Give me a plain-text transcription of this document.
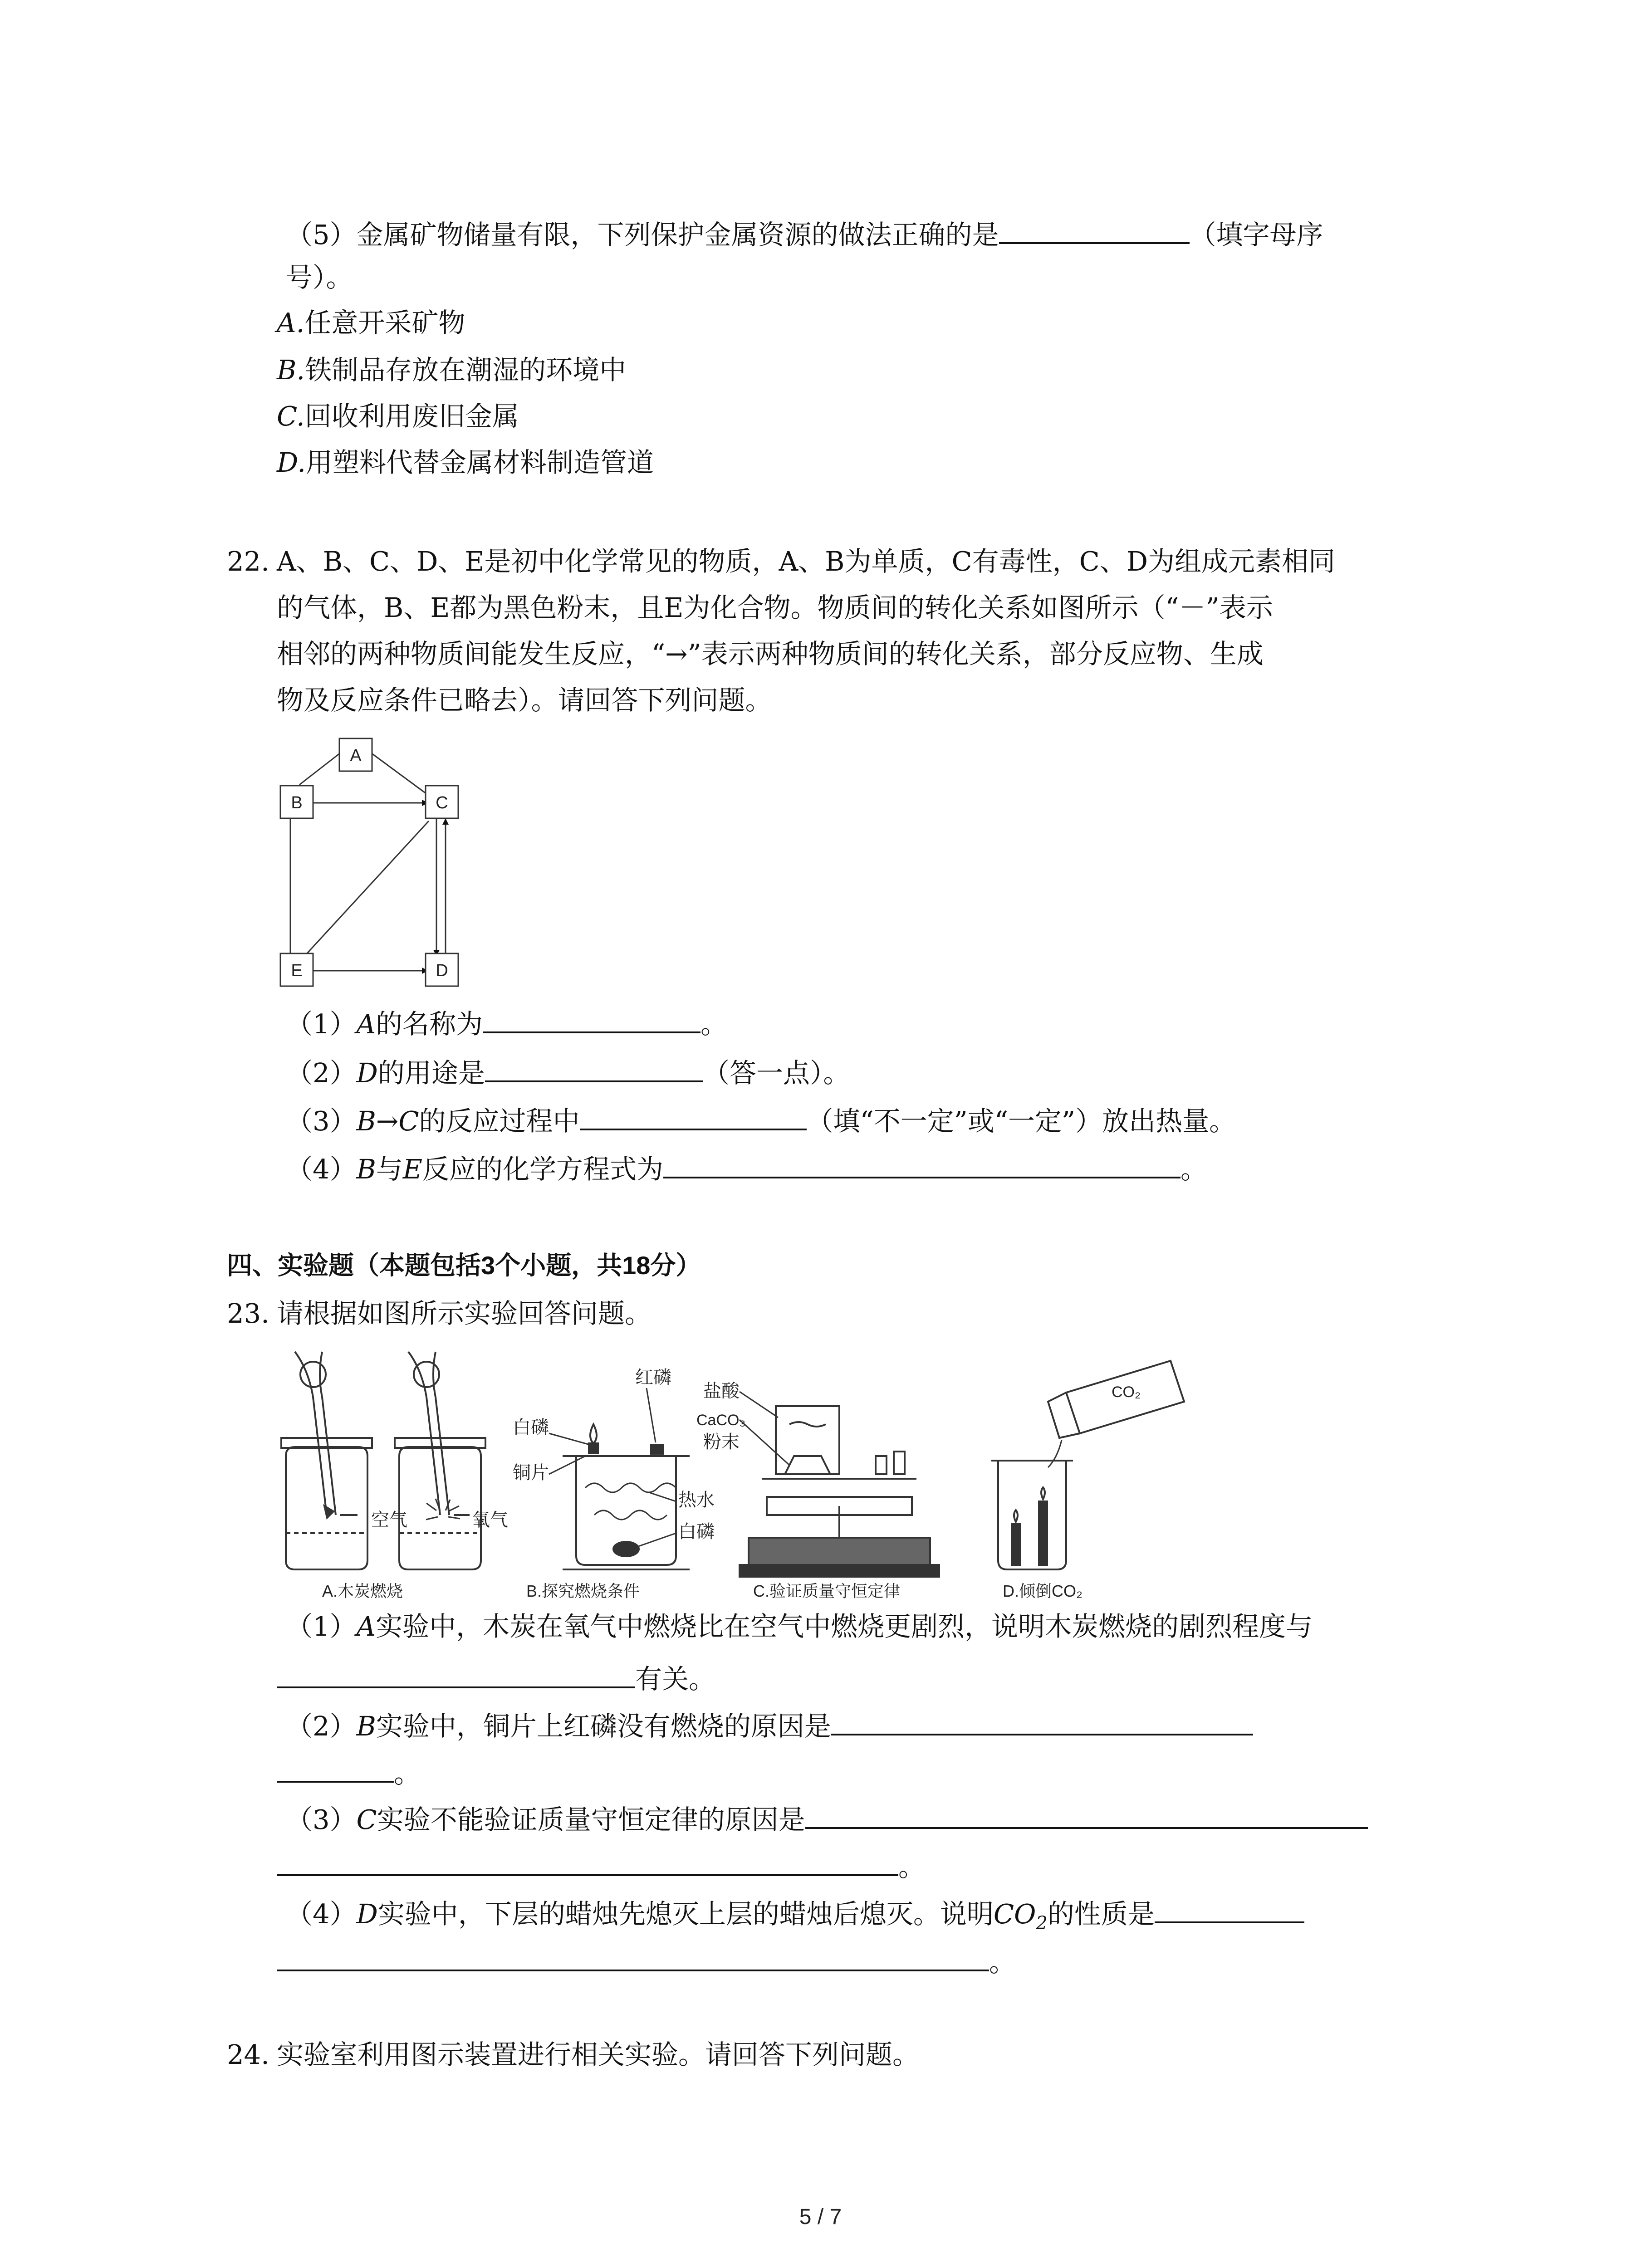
（5）金属矿物储量有限，下列保护金属资源的做法正确的是	（填字母序
号）。
A.任意开采矿物
B.铁制品存放在潮湿的环境中
C.回收利用废旧金属
D.用塑料代替金属材料制造管道
22. A、B、C、D、E是初中化学常见的物质，A、B为单质，C有毒性，C、D为组成元素相同
的气体，B、E都为黑色粉末，且E为化合物。物质间的转化关系如图所示（“－”表示
相邻的两种物质间能发生反应，“→”表示两种物质间的转化关系，部分反应物、生成
物及反应条件已略去）。请回答下列问题。
A
B	C
E	D
（1）A的名称为	。
（2）D的用途是	（答一点）。
（3）B→C的反应过程中	（填“不一定”或“一定”）放出热量。
（4）B与E反应的化学方程式为	。
四、实验题（本题包括3个小题，共18分）
23. 请根据如图所示实验回答问题。
空气	氧气
红磷
白磷
铜片
热水
白磷
盐酸
CaCO₃
粉末
CO₂
A.木炭燃烧	B.探究燃烧条件	C.验证质量守恒定律	D.倾倒CO₂
（1）A实验中，木炭在氧气中燃烧比在空气中燃烧更剧烈，说明木炭燃烧的剧烈程度与
有关。
（2）B实验中，铜片上红磷没有燃烧的原因是
。
（3）C实验不能验证质量守恒定律的原因是
。
（4）D实验中，下层的蜡烛先熄灭上层的蜡烛后熄灭。说明$CO_2$的性质是
。
24. 实验室利用图示装置进行相关实验。请回答下列问题。
5 / 7
